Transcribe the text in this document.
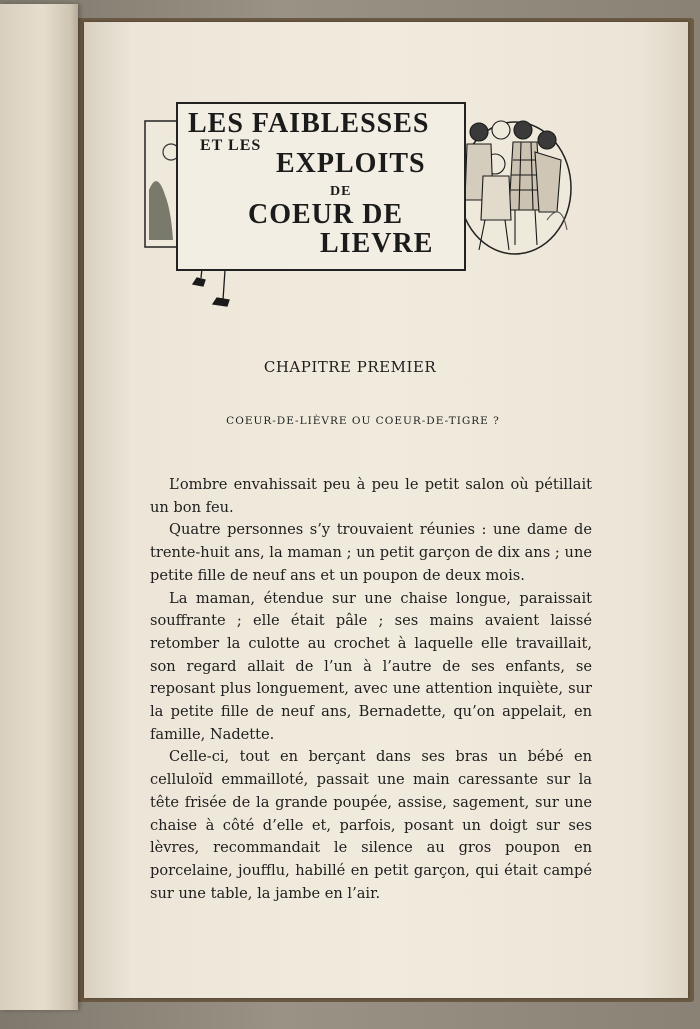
LES FAIBLESSES
ET LES
EXPLOITS
DE
COEUR DE
LIEVRE
CHAPITRE PREMIER
COEUR-DE-LIÈVRE OU COEUR-DE-TIGRE ?

L’ombre envahissait peu à peu le petit salon où pétillait un bon feu.

Quatre personnes s’y trouvaient réunies : une dame de trente-huit ans, la maman ; un petit garçon de dix ans ; une petite fille de neuf ans et un poupon de deux mois.

La maman, étendue sur une chaise longue, paraissait souffrante ; elle était pâle ; ses mains avaient laissé retomber la culotte au crochet à laquelle elle travaillait, son regard allait de l’un à l’autre de ses enfants, se reposant plus longuement, avec une attention inquiète, sur la petite fille de neuf ans, Bernadette, qu’on appelait, en famille, Nadette.

Celle-ci, tout en berçant dans ses bras un bébé en celluloïd emmailloté, passait une main caressante sur la tête frisée de la grande poupée, assise, sagement, sur une chaise à côté d’elle et, parfois, posant un doigt sur ses lèvres, recommandait le silence au gros poupon en porcelaine, joufflu, habillé en petit garçon, qui était campé sur une table, la jambe en l’air.
